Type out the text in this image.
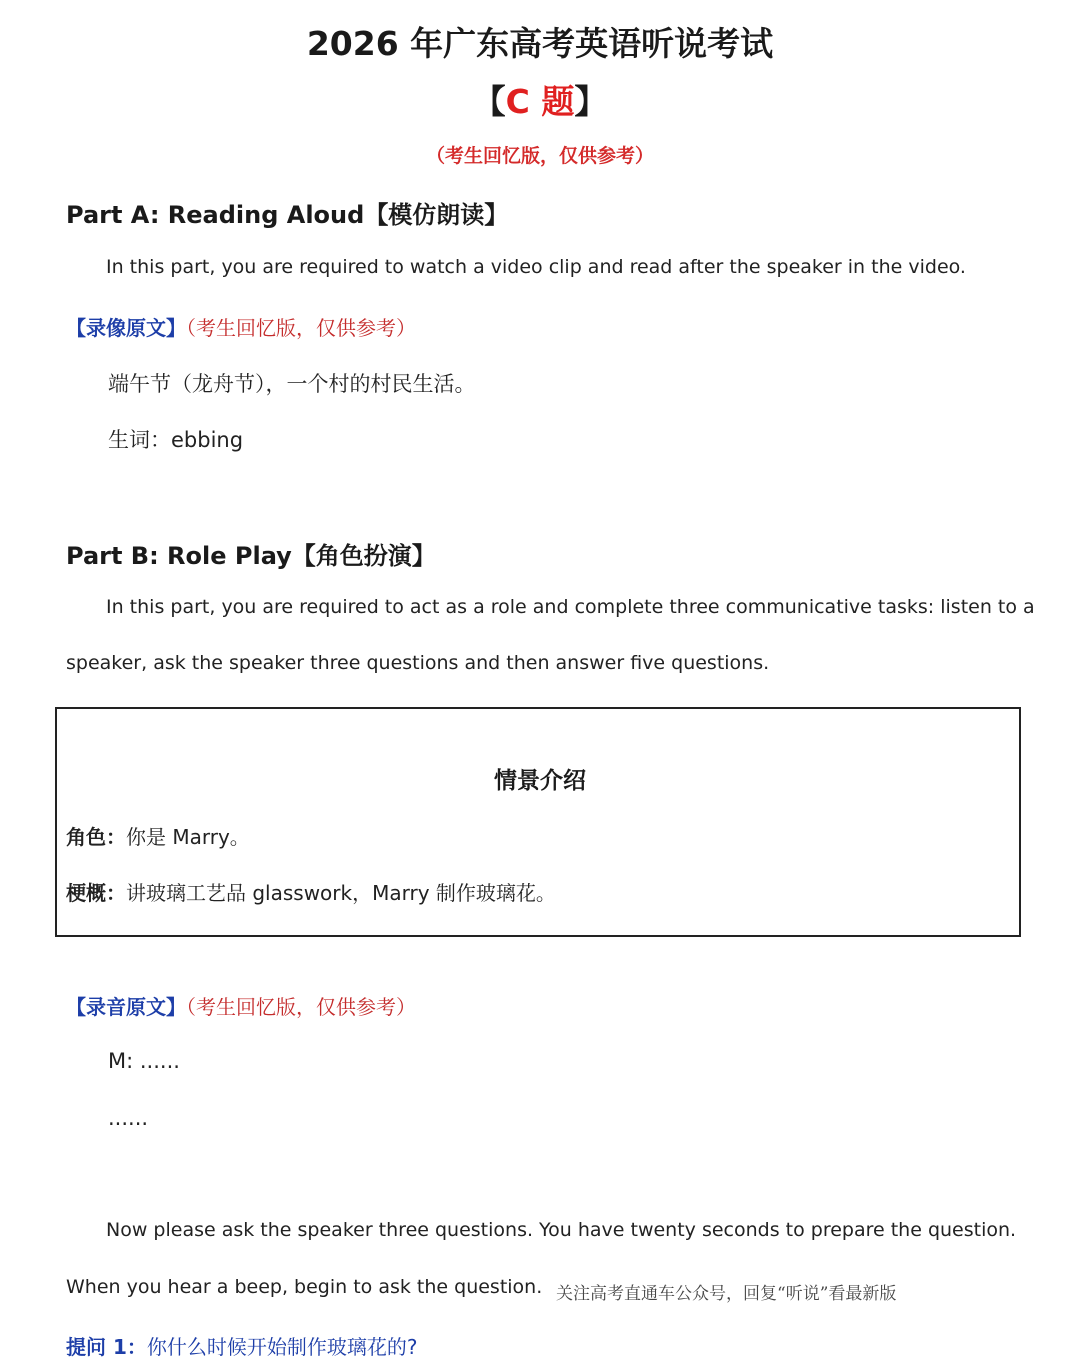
2026 年广东高考英语听说考试
【C 题】
（考生回忆版，仅供参考）
Part A: Reading Aloud【模仿朗读】
In this part, you are required to watch a video clip and read after the speaker in the video.
【录像原文】（考生回忆版，仅供参考）
端午节（龙舟节），一个村的村民生活。
生词：ebbing
Part B: Role Play【角色扮演】
In this part, you are required to act as a role and complete three communicative tasks: listen to a
speaker, ask the speaker three questions and then answer five questions.
情景介绍
角色：你是 Marry。
梗概：讲玻璃工艺品 glasswork，Marry 制作玻璃花。
【录音原文】（考生回忆版，仅供参考）
M: ......
......
Now please ask the speaker three questions. You have twenty seconds to prepare the question.
When you hear a beep, begin to ask the question. 关注高考直通车公众号，回复“听说”看最新版
提问 1：你什么时候开始制作玻璃花的?
